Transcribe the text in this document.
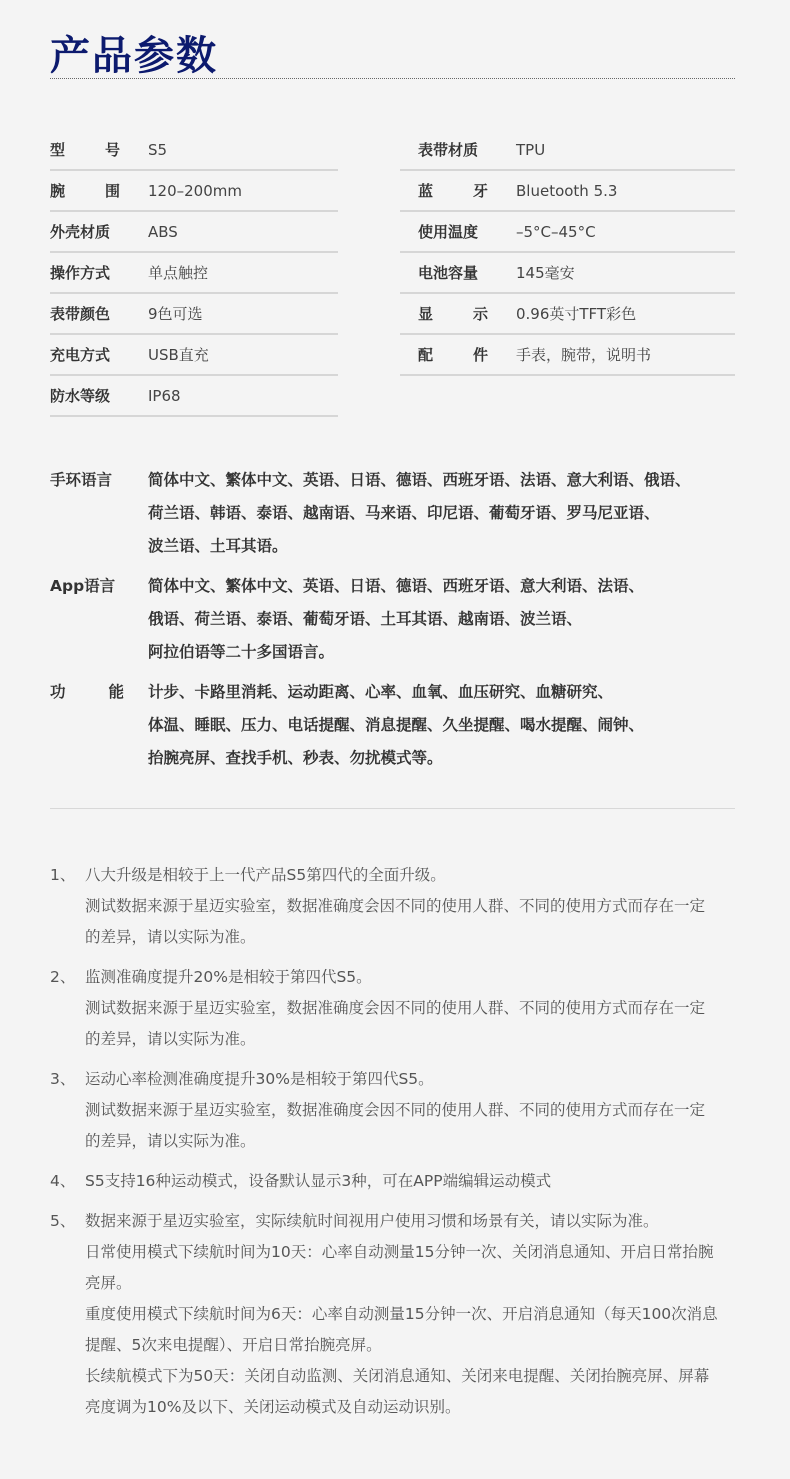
产品参数
型	号 S5
腕	围 120–200mm
外壳材质	ABS
操作方式	单点触控
表带颜色	9色可选
充电方式	USB直充
防水等级	IP68
表带材质	TPU
蓝	牙 Bluetooth 5.3
使用温度	–5°C–45°C
电池容量	145毫安
显	示 0.96英寸TFT彩色
配	件 手表，腕带，说明书
手环语言 简体中文、繁体中文、英语、日语、德语、西班牙语、法语、意大利语、俄语、
荷兰语、韩语、泰语、越南语、马来语、印尼语、葡萄牙语、罗马尼亚语、
波兰语、土耳其语。
App语言 简体中文、繁体中文、英语、日语、德语、西班牙语、意大利语、法语、
俄语、荷兰语、泰语、葡萄牙语、土耳其语、越南语、波兰语、
阿拉伯语等二十多国语言。
功	能 计步、卡路里消耗、运动距离、心率、血氧、血压研究、血糖研究、
体温、睡眠、压力、电话提醒、消息提醒、久坐提醒、喝水提醒、闹钟、
抬腕亮屏、查找手机、秒表、勿扰模式等。
1、 八大升级是相较于上一代产品S5第四代的全面升级。
测试数据来源于星迈实验室，数据准确度会因不同的使用人群、不同的使用方式而存在一定
的差异，请以实际为准。
2、 监测准确度提升20%是相较于第四代S5。
测试数据来源于星迈实验室，数据准确度会因不同的使用人群、不同的使用方式而存在一定
的差异，请以实际为准。
3、 运动心率检测准确度提升30%是相较于第四代S5。
测试数据来源于星迈实验室，数据准确度会因不同的使用人群、不同的使用方式而存在一定
的差异，请以实际为准。
4、 S5支持16种运动模式，设备默认显示3种，可在APP端编辑运动模式
5、 数据来源于星迈实验室，实际续航时间视用户使用习惯和场景有关，请以实际为准。
日常使用模式下续航时间为10天：心率自动测量15分钟一次、关闭消息通知、开启日常抬腕
亮屏。
重度使用模式下续航时间为6天：心率自动测量15分钟一次、开启消息通知（每天100次消息
提醒、5次来电提醒）、开启日常抬腕亮屏。
长续航模式下为50天：关闭自动监测、关闭消息通知、关闭来电提醒、关闭抬腕亮屏、屏幕
亮度调为10%及以下、关闭运动模式及自动运动识别。
